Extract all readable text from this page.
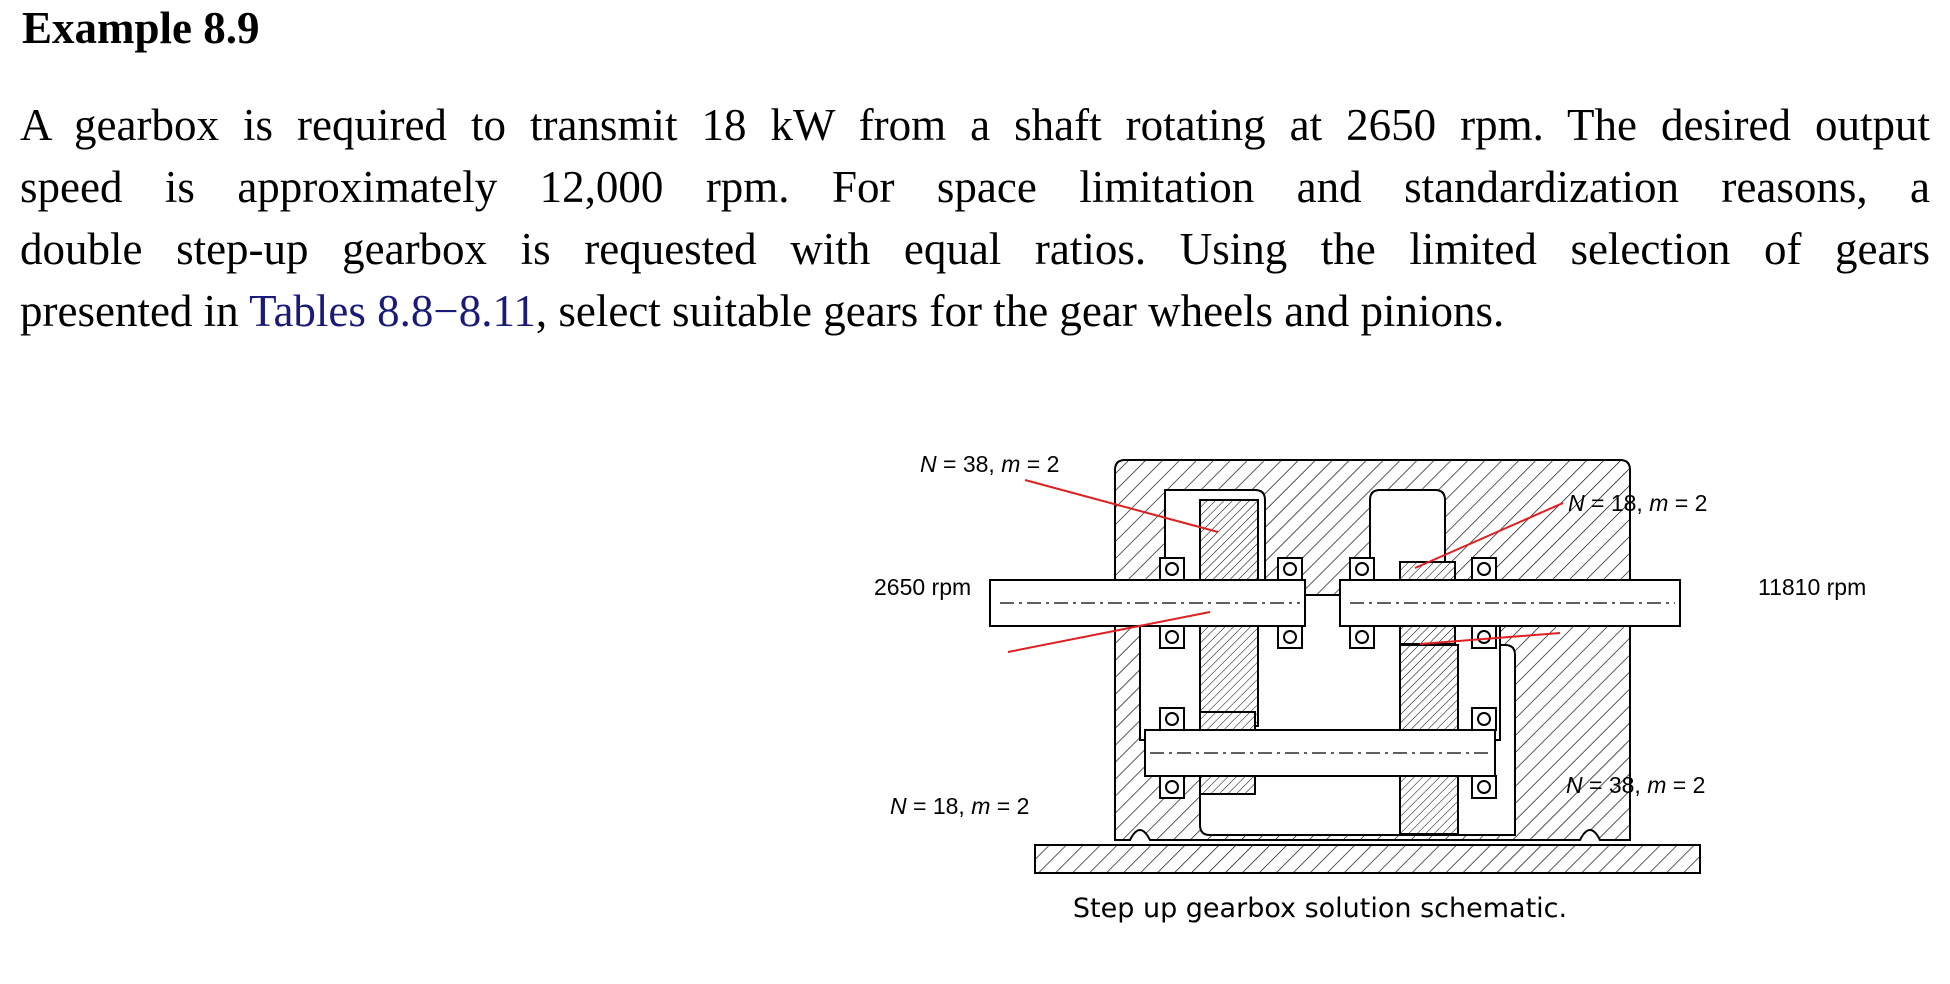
Example 8.9
A gearbox is required to transmit 18 kW from a shaft rotating at 2650 rpm. The desired output
speed is approximately 12,000 rpm. For space limitation and standardization reasons, a
double step-up gearbox is requested with equal ratios. Using the limited selection of gears
presented in Tables 8.8−8.11, select suitable gears for the gear wheels and pinions.
N = 38, m = 2
N = 18, m = 2
N = 18, m = 2
N = 38, m = 2
2650 rpm	11810 rpm

Step up gearbox solution schematic.
